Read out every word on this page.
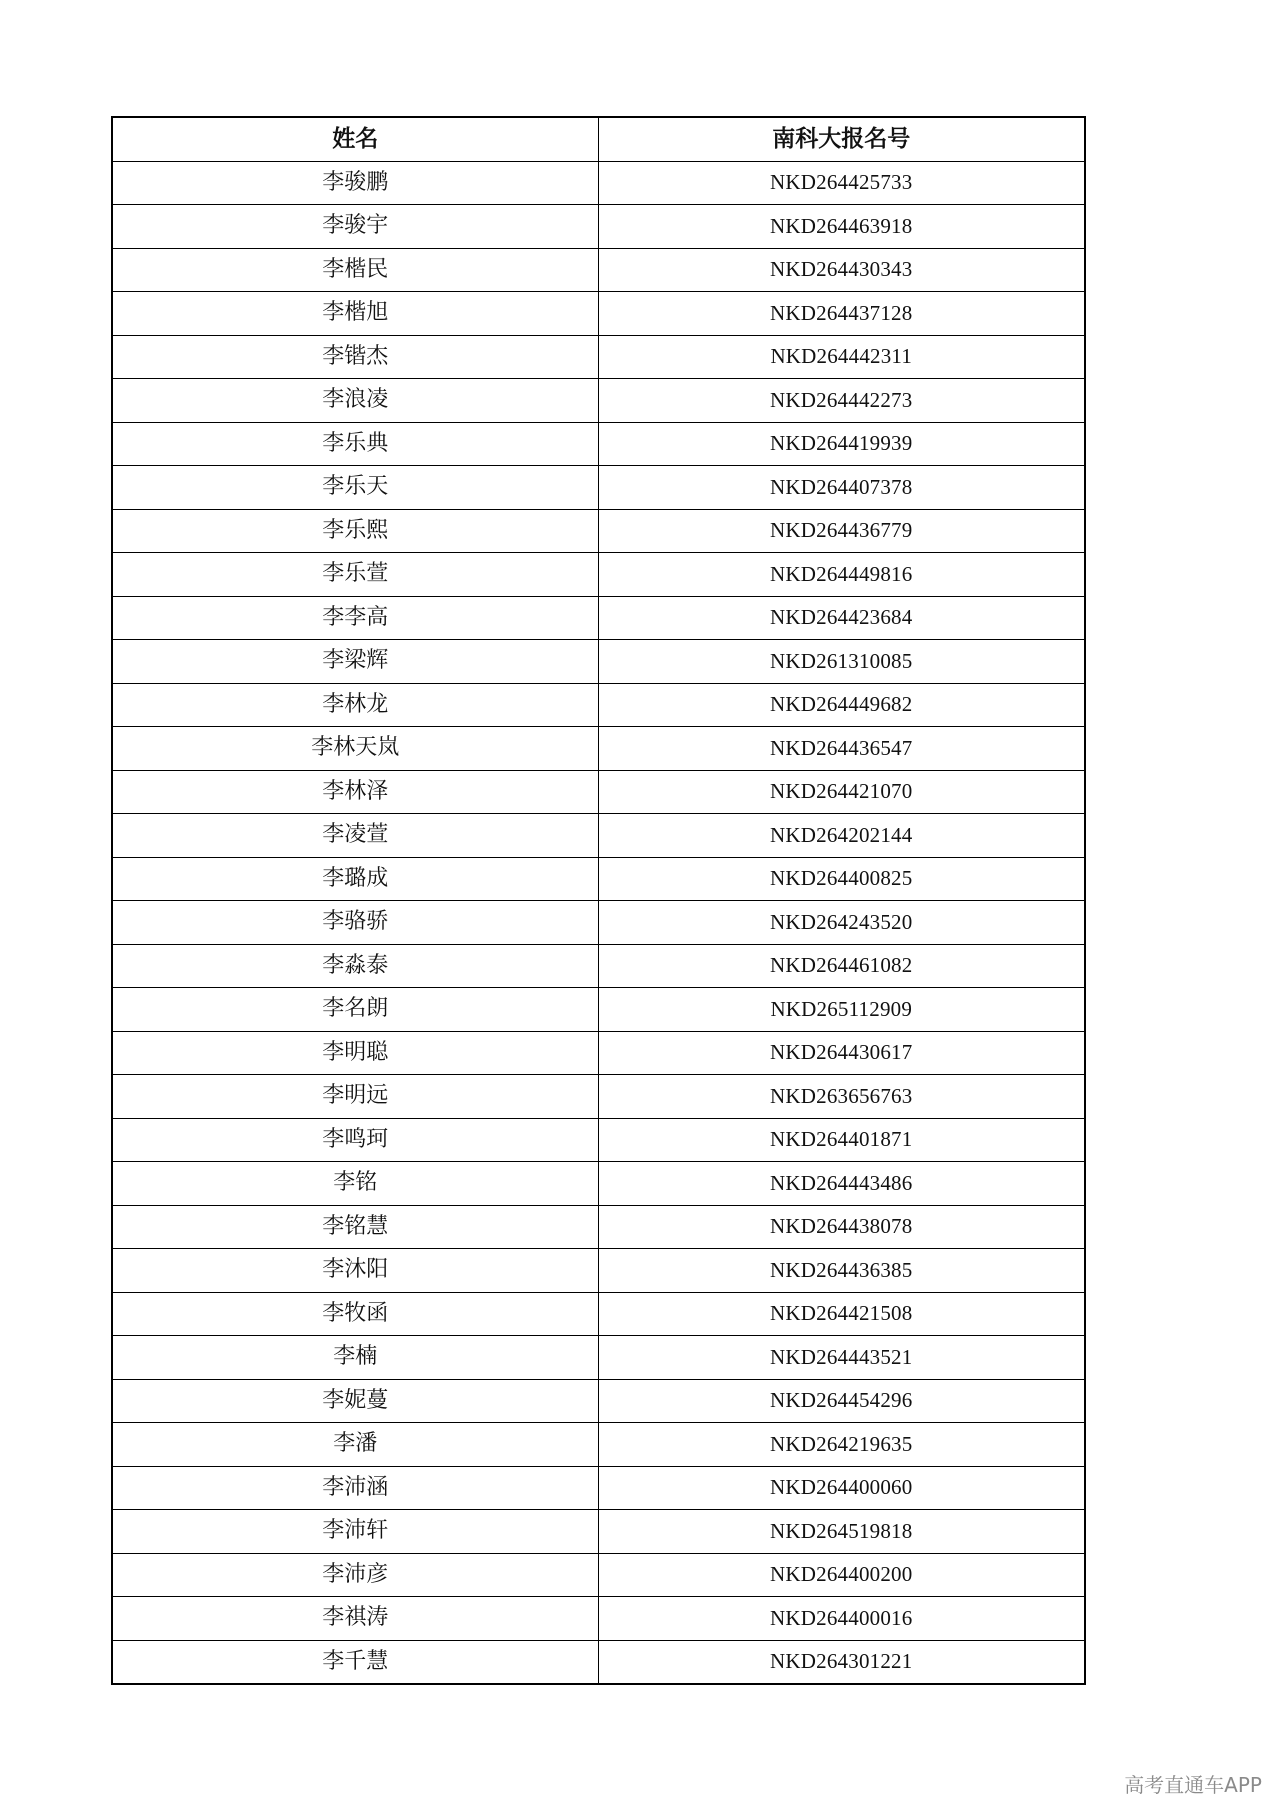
姓名	南科大报名号
李骏鹏	NKD264425733
李骏宇	NKD264463918
李楷民	NKD264430343
李楷旭	NKD264437128
李锴杰	NKD264442311
李浪凌	NKD264442273
李乐典	NKD264419939
李乐天	NKD264407378
李乐熙	NKD264436779
李乐萱	NKD264449816
李李高	NKD264423684
李梁辉	NKD261310085
李林龙	NKD264449682
李林天岚	NKD264436547
李林泽	NKD264421070
李凌萱	NKD264202144
李璐成	NKD264400825
李骆骄	NKD264243520
李淼泰	NKD264461082
李名朗	NKD265112909
李明聪	NKD264430617
李明远	NKD263656763
李鸣珂	NKD264401871
李铭	NKD264443486
李铭慧	NKD264438078
李沐阳	NKD264436385
李牧函	NKD264421508
李楠	NKD264443521
李妮蔓	NKD264454296
李潘	NKD264219635
李沛涵	NKD264400060
李沛轩	NKD264519818
李沛彦	NKD264400200
李祺涛	NKD264400016
李千慧	NKD264301221
高考直通车APP
